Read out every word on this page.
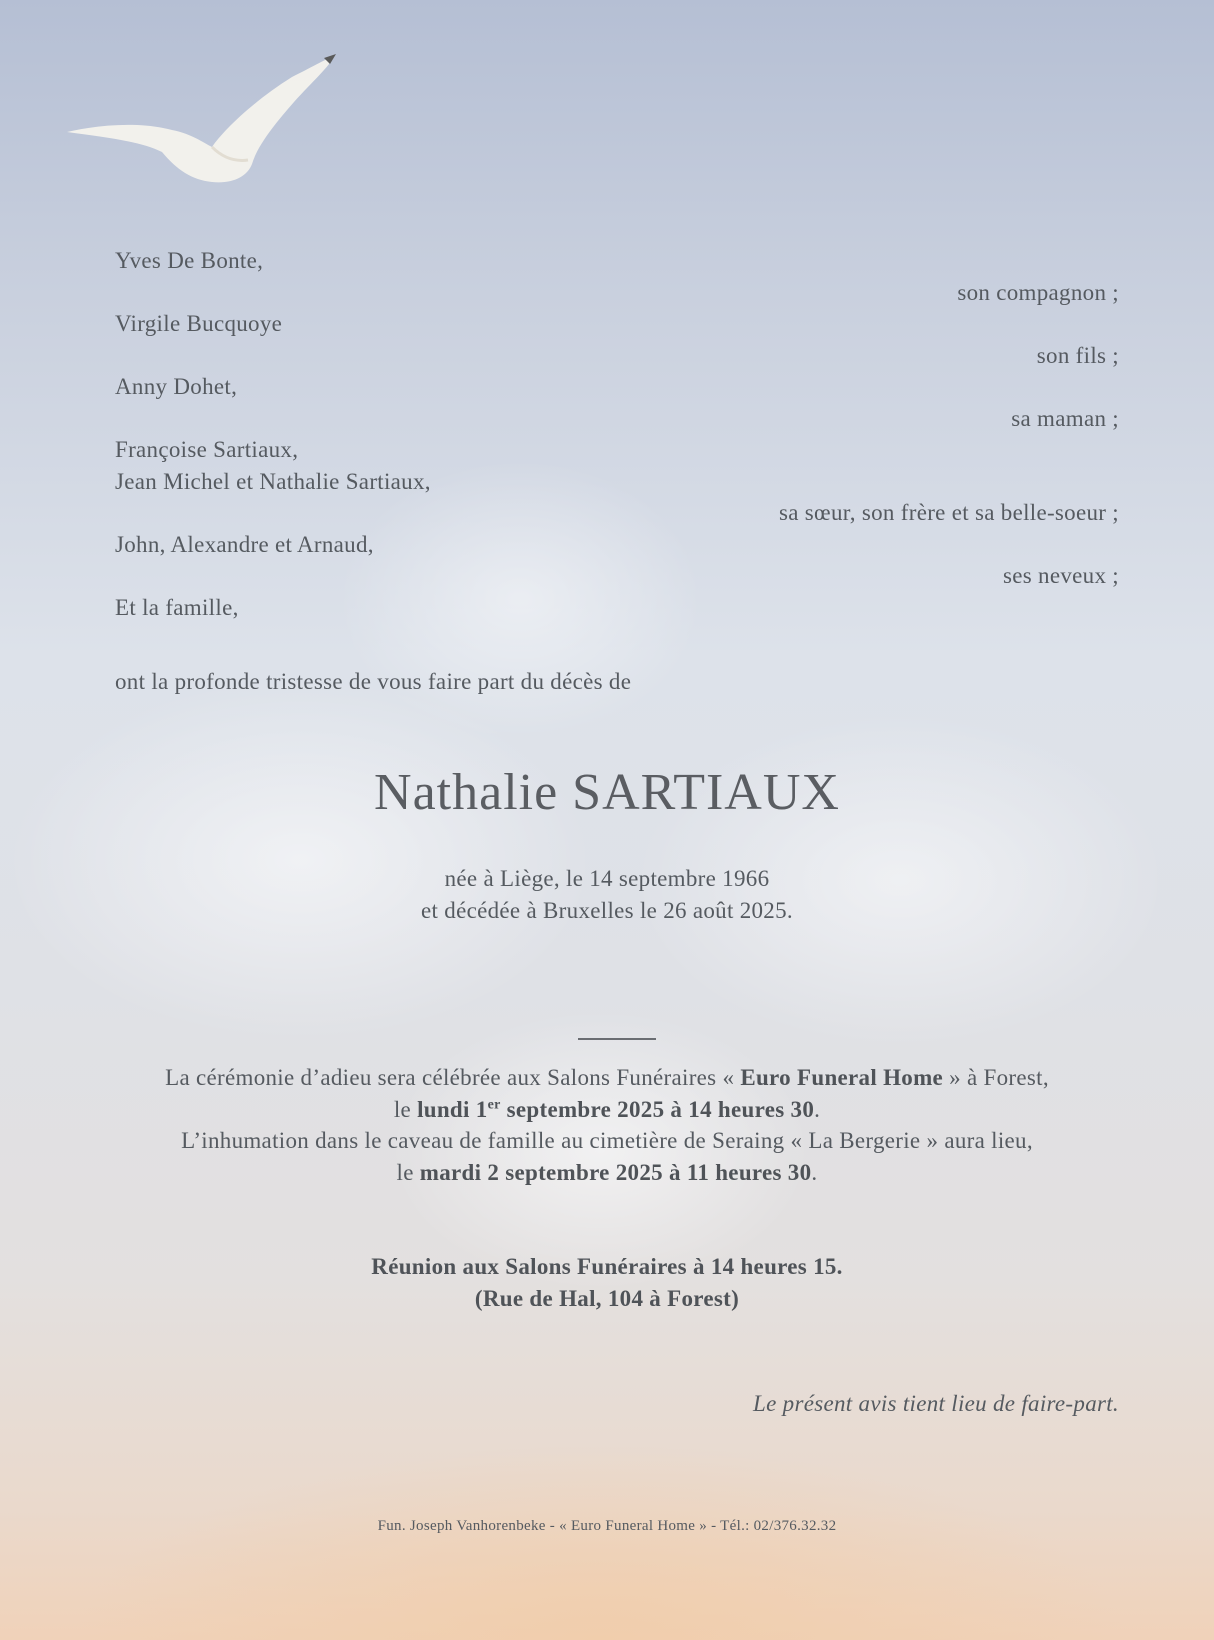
Yves De Bonte,
son compagnon ;
Virgile Bucquoye
son fils ;
Anny Dohet,
sa maman ;
Françoise Sartiaux,
Jean Michel et Nathalie Sartiaux,
sa sœur, son frère et sa belle-soeur ;
John, Alexandre et Arnaud,
ses neveux ;
Et la famille,
ont la profonde tristesse de vous faire part du décès de
Nathalie SARTIAUX
née à Liège, le 14 septembre 1966
et décédée à Bruxelles le 26 août 2025.
La cérémonie d’adieu sera célébrée aux Salons Funéraires « Euro Funeral Home » à Forest,
le lundi 1er septembre 2025 à 14 heures 30.
L’inhumation dans le caveau de famille au cimetière de Seraing « La Bergerie » aura lieu,
le mardi 2 septembre 2025 à 11 heures 30.
Réunion aux Salons Funéraires à 14 heures 15.
(Rue de Hal, 104 à Forest)
Le présent avis tient lieu de faire-part.
Fun. Joseph Vanhorenbeke - « Euro Funeral Home » - Tél.: 02/376.32.32
